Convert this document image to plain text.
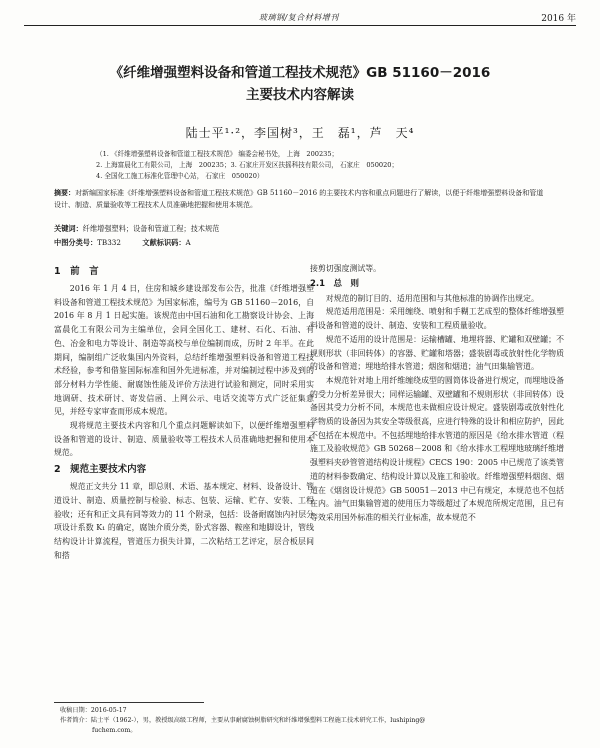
玻璃钢/复合材料增刊	2016 年
《纤维增强塑料设备和管道工程技术规范》GB 51160－2016
主要技术内容解读
陆士平¹·²，李国树³，王　磊¹，芦　天⁴
（1. 《纤维增强塑料设备和管道工程技术规范》 编委会秘书处， 上海　200235；
2. 上海富晨化工有限公司， 上海　200235；3. 石家庄开发区扶摇科技有限公司， 石家庄　050020；
4. 全国化工施工标准化管理中心站， 石家庄　050020）
摘要：对新编国家标准《纤维增强塑料设备和管道工程技术规范》GB 51160－2016 的主要技术内容和重点问题进行了解读，以便于纤维增强塑料设备和管道设计、制造、质量验收等工程技术人员准确地把握和使用本规范。
关键词：纤维增强塑料；设备和管道工程；技术规范
中图分类号：TB332	文献标识码：A

1　前　言

2016 年 1 月 4 日，住房和城乡建设部发布公告，批准《纤维增强塑料设备和管道工程技术规范》为国家标准，编号为 GB 51160－2016，自 2016 年 8 月 1 日起实施。该规范由中国石油和化工勘察设计协会、上海富晨化工有限公司为主编单位，会同全国化工、建材、石化、石油、有色、冶金和电力等设计、制造等高校与单位编制而成，历时 2 年半。在此期间，编制组广泛收集国内外资料，总结纤维增强塑料设备和管道工程技术经验，参考和借鉴国际标准和国外先进标准，并对编制过程中涉及到的部分材料力学性能、耐腐蚀性能及评价方法进行试验和测定，同时采用实地调研、技术研讨、寄发信函、上网公示、电话交流等方式广泛征集意见，并经专家审查而形成本规范。

现将规范主要技术内容和几个重点问题解读如下，以便纤维增强塑料设备和管道的设计、制造、质量验收等工程技术人员准确地把握和使用本规范。

2　规范主要技术内容

规范正文共分 11 章，即总则、术语、基本规定、材料、设备设计、管道设计、制造、质量控制与检验、标志、包装、运输、贮存、安装、工程验收；还有和正文具有同等效力的 11 个附录，包括：设备耐腐蚀内衬层分项设计系数 K₁ 的确定，腐蚀介质分类，卧式容器、鞍座和地脚设计，管线结构设计计算流程，管道压力损失计算，二次粘结工艺评定，层合板层间和搭

接剪切强度测试等。

2.1　总　则

对规范的制订目的、适用范围和与其他标准的协调作出规定。

规范适用范围是：采用缠绕、喷射和手糊工艺成型的整体纤维增强塑料设备和管道的设计、制造、安装和工程质量验收。

规范不适用的设计范围是：运输槽罐、地埋将器、贮罐和双壁罐；不规则形状（非回转体）的容器、贮罐和塔器；盛装剧毒或放射性化学物质的设备和管道；埋地给排水管道；烟囱和烟道；油气田集输管道。

本规范针对地上用纤维缠绕成型的圆筒体设备进行规定，而埋地设备的受力分析差异很大；同样运输罐、双壁罐和不规则形状（非回转体）设备因其受力分析不同，本规范也未做相应设计规定。盛装剧毒或放射性化学物质的设备因为其安全等级很高，应进行特殊的设计和相应防护，因此不包括在本规范中。不包括埋地给排水管道的原因是《给水排水管道（程施工及验收规范》GB 50268－2008 和《给水排水工程埋地玻璃纤维增强塑料夹砂管管道结构设计规程》CECS 190：2005 中已规范了该类管道的材料参数确定、结构设计算以及施工和验收。纤维增强塑料烟囱、烟道在《烟囱设计规范》GB 50051－2013 中已有规定，本规范也不包括在内。油气田集输管道的使用压力等级超过了本规范所规定范围，且已有等效采用国外标准的相关行业标准，故本规范不

收稿日期：2016-05-17
作者简介：陆士平（1962-），男，教授级高级工程师，主要从事耐腐蚀树脂研究和纤维增强塑料工程施工技术研究工作，lushiping@
fuchem.com。
